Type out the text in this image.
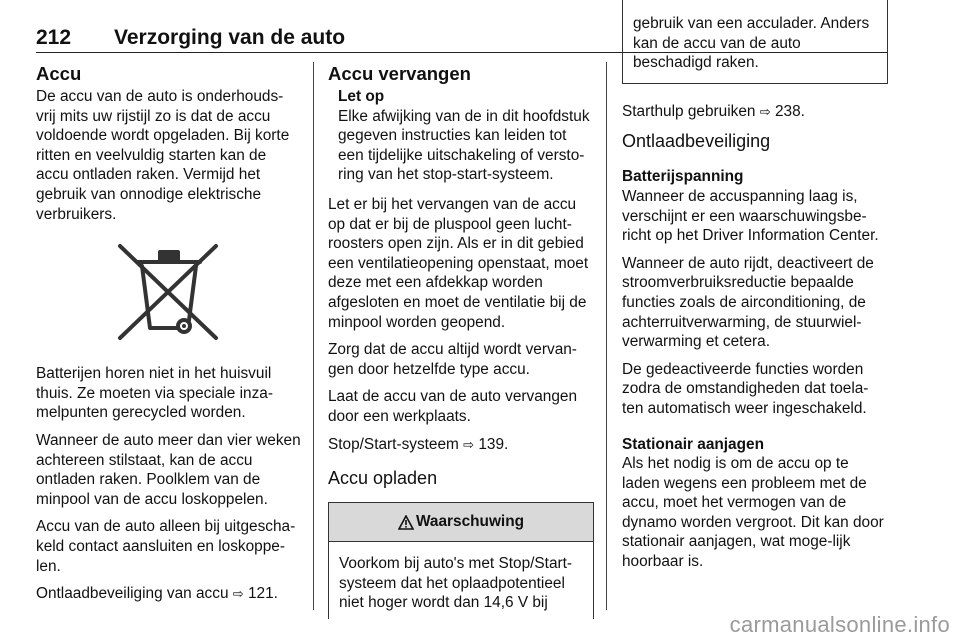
212 Verzorging van de auto
Accu

De accu van de auto is onderhouds-vrij mits uw rijstijl zo is dat de accu voldoende wordt opgeladen. Bij korte ritten en veelvuldig starten kan de accu ontladen raken. Vermijd het gebruik van onnodige elektrische verbruikers.

Batterijen horen niet in het huisvuil thuis. Ze moeten via speciale inza-melpunten gerecycled worden.

Wanneer de auto meer dan vier weken achtereen stilstaat, kan de accu ontladen raken. Poolklem van de minpool van de accu loskoppelen.

Accu van de auto alleen bij uitgescha-keld contact aansluiten en loskoppe-len.

Ontlaadbeveiliging van accu ⇨ 121.

Accu vervangen
Let op
Elke afwijking van de in dit hoofdstuk gegeven instructies kan leiden tot een tijdelijke uitschakeling of versto-ring van het stop-start-systeem.

Let er bij het vervangen van de accu op dat er bij de pluspool geen lucht-roosters open zijn. Als er in dit gebied een ventilatieopening openstaat, moet deze met een afdekkap worden afgesloten en moet de ventilatie bij de minpool worden geopend.

Zorg dat de accu altijd wordt vervan-gen door hetzelfde type accu.

Laat de accu van de auto vervangen door een werkplaats.

Stop/Start-systeem ⇨ 139.

Accu opladen
Waarschuwing
Voorkom bij auto's met Stop/Start-systeem dat het oplaadpotentieel niet hoger wordt dan 14,6 V bij
gebruik van een acculader. Anders kan de accu van de auto beschadigd raken.

Starthulp gebruiken ⇨ 238.

Ontlaadbeveiliging
Batterijspanning

Wanneer de accuspanning laag is, verschijnt er een waarschuwingsbe-richt op het Driver Information Center.

Wanneer de auto rijdt, deactiveert de stroomverbruiksreductie bepaalde functies zoals de airconditioning, de achterruitverwarming, de stuurwiel-verwarming et cetera.

De gedeactiveerde functies worden zodra de omstandigheden dat toela-ten automatisch weer ingeschakeld.

Stationair aanjagen

Als het nodig is om de accu op te laden wegens een probleem met de accu, moet het vermogen van de dynamo worden vergroot. Dit kan door stationair aanjagen, wat moge-lijk hoorbaar is.

carmanualsonline.info
